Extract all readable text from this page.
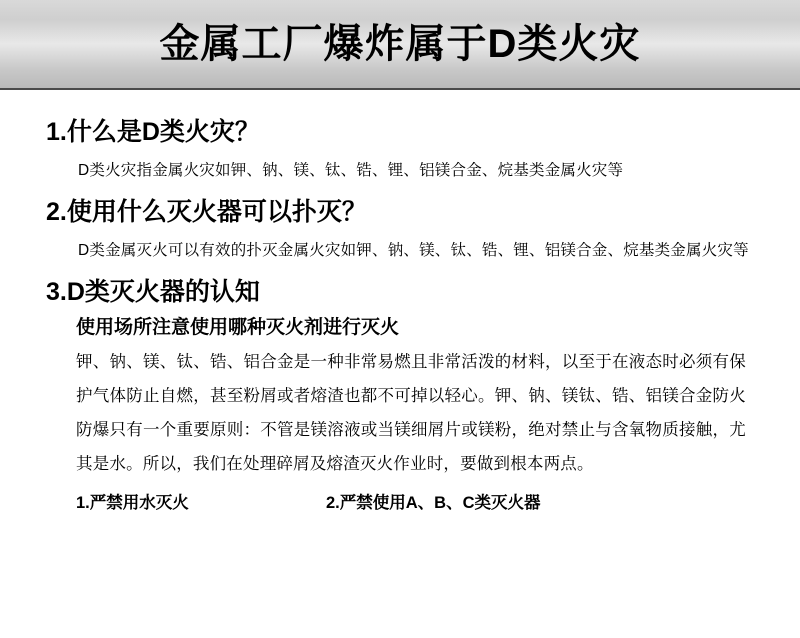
金属工厂爆炸属于D类火灾

1.什么是D类火灾？

D类火灾指金属火灾如钾、钠、镁、钛、锆、锂、铝镁合金、烷基类金属火灾等

2.使用什么灭火器可以扑灭？

D类金属灭火可以有效的扑灭金属火灾如钾、钠、镁、钛、锆、锂、铝镁合金、烷基类金属火灾等

3.D类灭火器的认知

使用场所注意使用哪种灭火剂进行灭火

钾、钠、镁、钛、锆、铝合金是一种非常易燃且非常活泼的材料，以至于在液态时必须有保护气体防止自燃，甚至粉屑或者熔渣也都不可掉以轻心。钾、钠、镁钛、锆、铝镁合金防火防爆只有一个重要原则：不管是镁溶液或当镁细屑片或镁粉，绝对禁止与含氧物质接触，尤其是水。所以，我们在处理碎屑及熔渣灭火作业时，要做到根本两点。

1.严禁用水灭火	2.严禁使用A、B、C类灭火器
